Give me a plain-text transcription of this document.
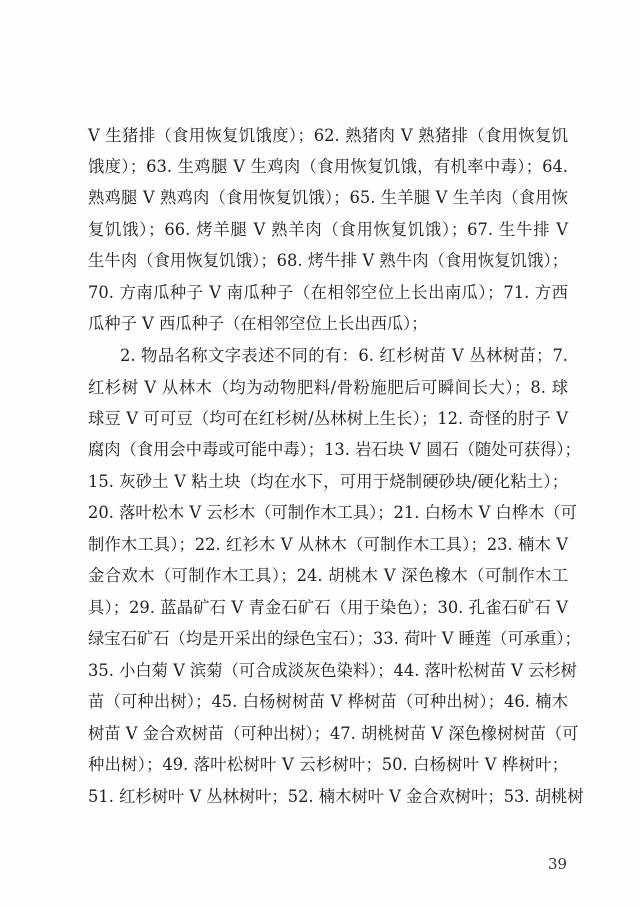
V 生猪排（食用恢复饥饿度）；62. 熟猪肉 V 熟猪排（食用恢复饥
饿度）；63. 生鸡腿 V 生鸡肉（食用恢复饥饿，有机率中毒）；64.
熟鸡腿 V 熟鸡肉（食用恢复饥饿）；65. 生羊腿 V 生羊肉（食用恢
复饥饿）；66. 烤羊腿 V 熟羊肉（食用恢复饥饿）；67. 生牛排 V
生牛肉（食用恢复饥饿）；68. 烤牛排 V 熟牛肉（食用恢复饥饿）；
70. 方南瓜种子 V 南瓜种子（在相邻空位上长出南瓜）；71. 方西
瓜种子 V 西瓜种子（在相邻空位上长出西瓜）；
2. 物品名称文字表述不同的有：6. 红杉树苗 V 丛林树苗；7.
红杉树 V 从林木（均为动物肥料/骨粉施肥后可瞬间长大）；8. 球
球豆 V 可可豆（均可在红杉树/丛林树上生长）；12. 奇怪的肘子 V
腐肉（食用会中毒或可能中毒）；13. 岩石块 V 圆石（随处可获得）；
15. 灰砂土 V 粘土块（均在水下，可用于烧制硬砂块/硬化粘土）；
20. 落叶松木 V 云杉木（可制作木工具）；21. 白杨木 V 白桦木（可
制作木工具）；22. 红衫木 V 从林木（可制作木工具）；23. 楠木 V
金合欢木（可制作木工具）；24. 胡桃木 V 深色橡木（可制作木工
具）；29. 蓝晶矿石 V 青金石矿石（用于染色）；30. 孔雀石矿石 V
绿宝石矿石（均是开采出的绿色宝石）；33. 荷叶 V 睡莲（可承重）；
35. 小白菊 V 滨菊（可合成淡灰色染料）；44. 落叶松树苗 V 云杉树
苗（可种出树）；45. 白杨树树苗 V 桦树苗（可种出树）；46. 楠木
树苗 V 金合欢树苗（可种出树）；47. 胡桃树苗 V 深色橡树树苗（可
种出树）；49. 落叶松树叶 V 云杉树叶；50. 白杨树叶 V 桦树叶；
51. 红杉树叶 V 丛林树叶；52. 楠木树叶 V 金合欢树叶；53. 胡桃树
39
